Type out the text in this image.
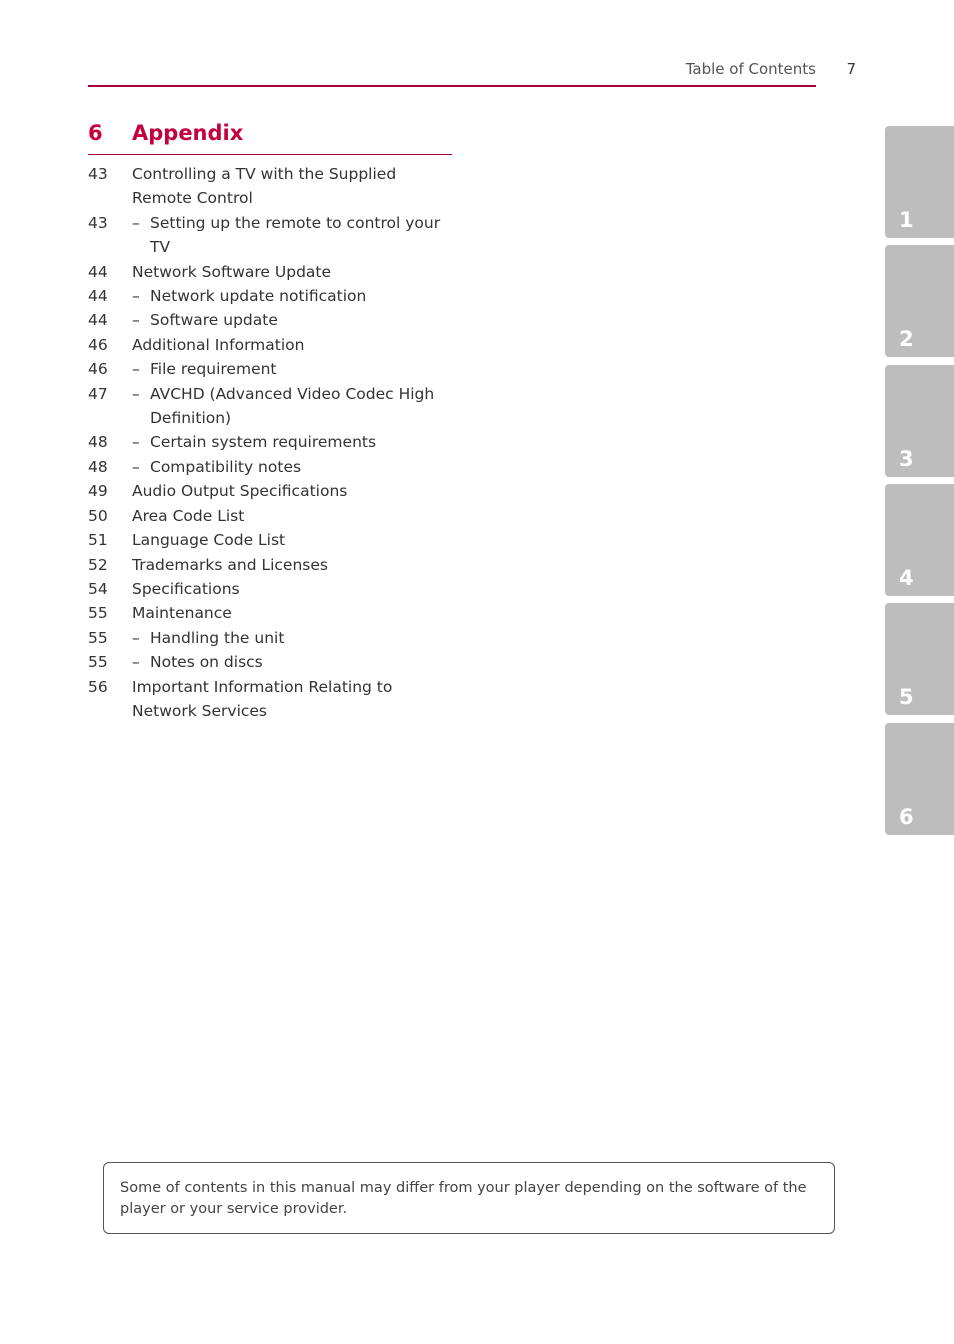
Table of Contents	7
6 Appendix
43	Controlling a TV with the Supplied
Remote Control
43	– Setting up the remote to control your
TV
44	Network Software Update
44	– Network update notification
44	– Software update
46	Additional Information
46	– File requirement
47	– AVCHD (Advanced Video Codec High
Definition)
48	– Certain system requirements
48	– Compatibility notes
49	Audio Output Specifications
50	Area Code List
51	Language Code List
52	Trademarks and Licenses
54	Specifications
55	Maintenance
55	– Handling the unit
55	– Notes on discs
56	Important Information Relating to
Network Services
1
2
3
4
5
6
Some of contents in this manual may differ from your player depending on the software of the player or your service provider.
